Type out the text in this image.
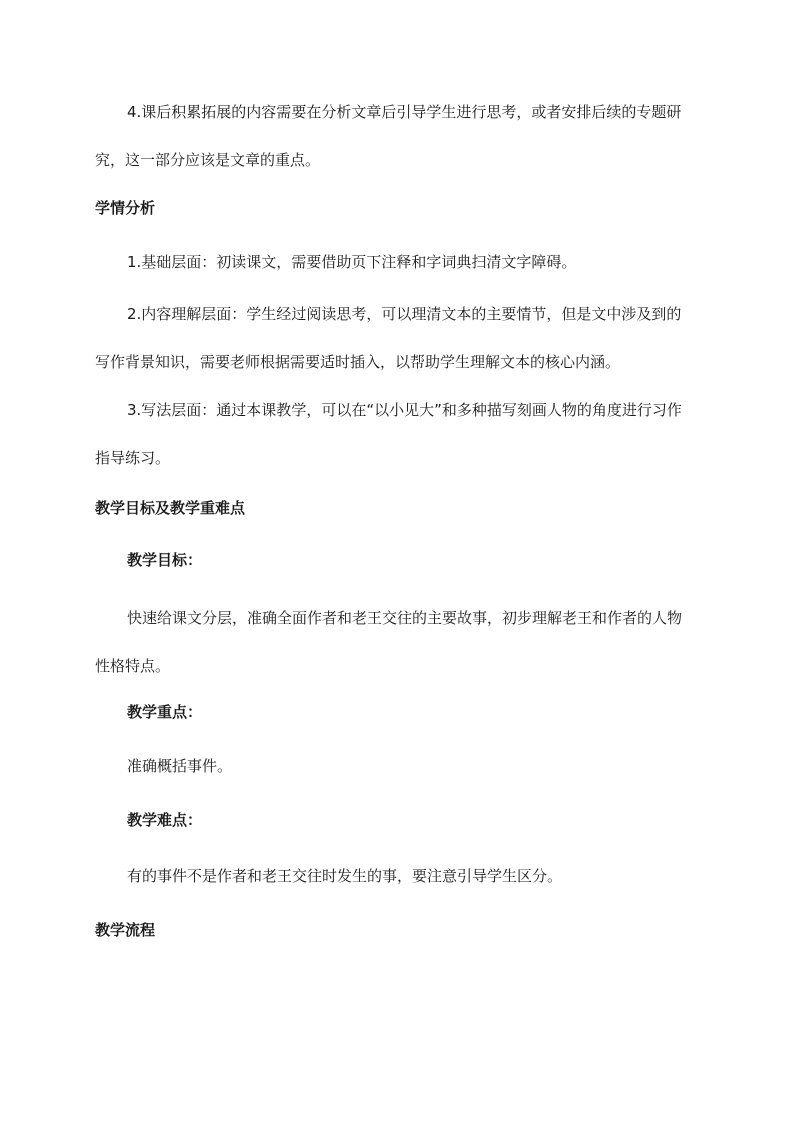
4.课后积累拓展的内容需要在分析文章后引导学生进行思考，或者安排后续的专题研究，这一部分应该是文章的重点。

学情分析

1.基础层面：初读课文，需要借助页下注释和字词典扫清文字障碍。

2.内容理解层面：学生经过阅读思考，可以理清文本的主要情节，但是文中涉及到的写作背景知识，需要老师根据需要适时插入，以帮助学生理解文本的核心内涵。

3.写法层面：通过本课教学，可以在“以小见大”和多种描写刻画人物的角度进行习作指导练习。

教学目标及教学重难点

教学目标：

快速给课文分层，准确全面作者和老王交往的主要故事，初步理解老王和作者的人物性格特点。

教学重点：

准确概括事件。

教学难点：

有的事件不是作者和老王交往时发生的事，要注意引导学生区分。

教学流程
